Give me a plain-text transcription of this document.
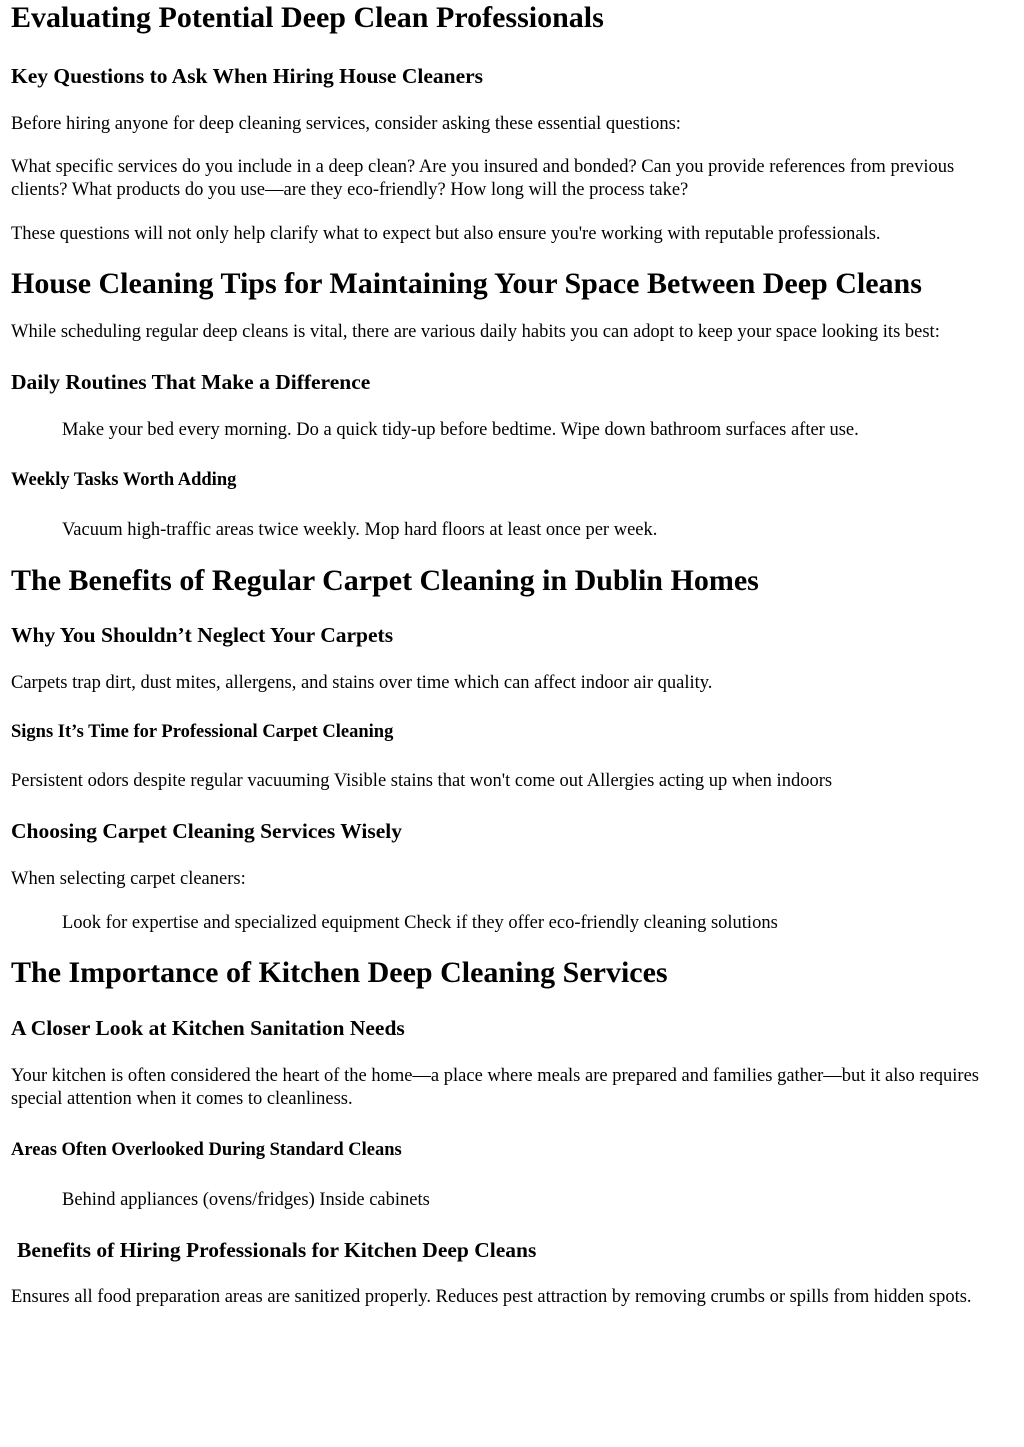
Evaluating Potential Deep Clean Professionals
Key Questions to Ask When Hiring House Cleaners

Before hiring anyone for deep cleaning services, consider asking these essential questions:

What specific services do you include in a deep clean? Are you insured and bonded? Can you provide references from previous clients? What products do you use—are they eco-friendly? How long will the process take?

These questions will not only help clarify what to expect but also ensure you're working with reputable professionals.

House Cleaning Tips for Maintaining Your Space Between Deep Cleans

While scheduling regular deep cleans is vital, there are various daily habits you can adopt to keep your space looking its best:

Daily Routines That Make a Difference

Make your bed every morning. Do a quick tidy-up before bedtime. Wipe down bathroom surfaces after use.

Weekly Tasks Worth Adding

Vacuum high-traffic areas twice weekly. Mop hard floors at least once per week.

The Benefits of Regular Carpet Cleaning in Dublin Homes
Why You Shouldn’t Neglect Your Carpets

Carpets trap dirt, dust mites, allergens, and stains over time which can affect indoor air quality.

Signs It’s Time for Professional Carpet Cleaning

Persistent odors despite regular vacuuming Visible stains that won't come out Allergies acting up when indoors

Choosing Carpet Cleaning Services Wisely

When selecting carpet cleaners:

Look for expertise and specialized equipment Check if they offer eco-friendly cleaning solutions

The Importance of Kitchen Deep Cleaning Services
A Closer Look at Kitchen Sanitation Needs

Your kitchen is often considered the heart of the home—a place where meals are prepared and families gather—but it also requires special attention when it comes to cleanliness.

Areas Often Overlooked During Standard Cleans

Behind appliances (ovens/fridges) Inside cabinets

Benefits of Hiring Professionals for Kitchen Deep Cleans

Ensures all food preparation areas are sanitized properly. Reduces pest attraction by removing crumbs or spills from hidden spots.
